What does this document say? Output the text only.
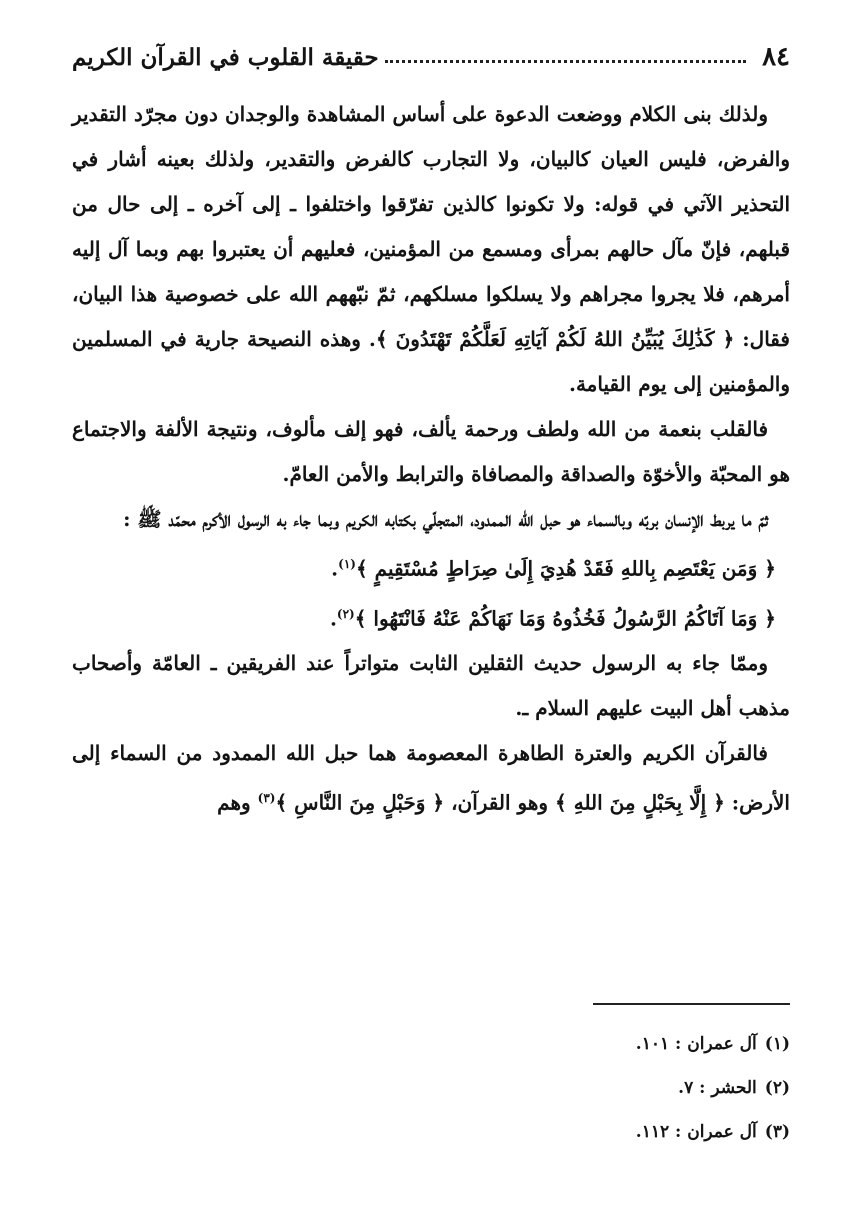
٨٤
حقيقة القلوب في القرآن الكريم
ولذلك بنى الكلام ووضعت الدعوة على أساس المشاهدة والوجدان دون مجرّد التقدير والفرض، فليس العيان كالبيان، ولا التجارب كالفرض والتقدير، ولذلك بعينه أشار في التحذير الآتي في قوله: ولا تكونوا كالذين تفرّقوا واختلفوا ـ إلى آخره ـ إلى حال من قبلهم، فإنّ مآل حالهم بمرأى ومسمع من المؤمنين، فعليهم أن يعتبروا بهم وبما آل إليه أمرهم، فلا يجروا مجراهم ولا يسلكوا مسلكهم، ثمّ نبّههم الله على خصوصية هذا البيان، فقال: ﴿ كَذَٰلِكَ يُبَيِّنُ اللهُ لَكُمْ آيَاتِهِ لَعَلَّكُمْ تَهْتَدُونَ ﴾. وهذه النصيحة جارية في المسلمين والمؤمنين إلى يوم القيامة.
فالقلب بنعمة من الله ولطف ورحمة يألف، فهو إلف مألوف، ونتيجة الألفة والاجتماع هو المحبّة والأخوّة والصداقة والمصافاة والترابط والأمن العامّ.
ثمّ ما يربط الإنسان بربّه وبالسماء هو حبل الله الممدود، المتجلّي بكتابه الكريم وبما جاء به الرسول الأكرم محمّد ﷺ :
﴿ وَمَن يَعْتَصِم بِاللهِ فَقَدْ هُدِيَ إِلَىٰ صِرَاطٍ مُسْتَقِيمٍ ﴾$^{(١)}$.
﴿ وَمَا آتَاكُمُ الرَّسُولُ فَخُذُوهُ وَمَا نَهَاكُمْ عَنْهُ فَانْتَهُوا ﴾$^{(٢)}$.
وممّا جاء به الرسول حديث الثقلين الثابت متواتراً عند الفريقين ـ العامّة وأصحاب مذهب أهل البيت عليهم السلام ـ.
فالقرآن الكريم والعترة الطاهرة المعصومة هما حبل الله الممدود من السماء إلى الأرض: ﴿ إِلَّا بِحَبْلٍ مِنَ اللهِ ﴾ وهو القرآن، ﴿ وَحَبْلٍ مِنَ النَّاسِ ﴾$^{(٣)}$ وهم
(١)آل عمران : ١٠١.
(٢)الحشر : ٧.
(٣)آل عمران : ١١٢.
